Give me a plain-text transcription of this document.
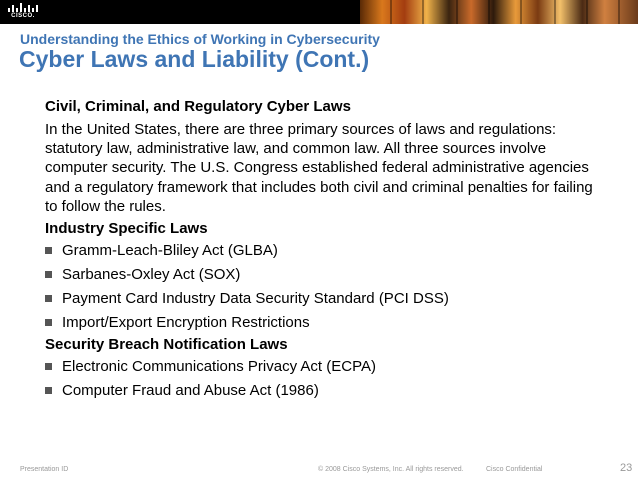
CISCO.
Understanding the Ethics of Working in Cybersecurity
Cyber Laws and Liability (Cont.)

Civil, Criminal, and Regulatory Cyber Laws

In the United States, there are three primary sources of laws and regulations: statutory law, administrative law, and common law. All three sources involve computer security. The U.S. Congress established federal administrative agencies and a regulatory framework that includes both civil and criminal penalties for failing to follow the rules.

Industry Specific Laws

Gramm-Leach-Bliley Act (GLBA)
Sarbanes-Oxley Act (SOX)
Payment Card Industry Data Security Standard (PCI DSS)
Import/Export Encryption Restrictions

Security Breach Notification Laws

Electronic Communications Privacy Act (ECPA)
Computer Fraud and Abuse Act (1986)
Presentation ID	© 2008 Cisco Systems, Inc. All rights reserved.	Cisco Confidential	23
